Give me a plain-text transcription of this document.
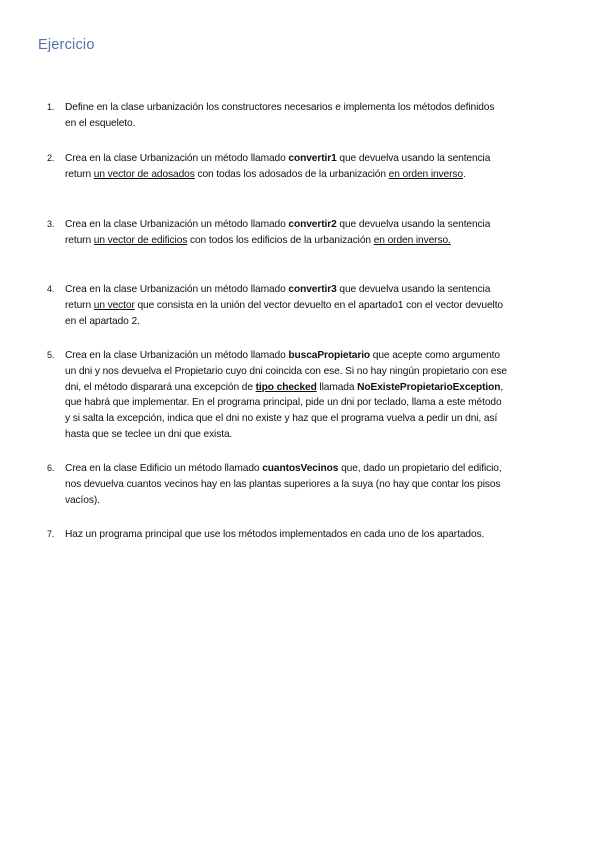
Ejercicio
1.	Define en la clase urbanización los constructores necesarios e implementa los métodos definidos en el esqueleto.
2.	Crea en la clase Urbanización un método llamado convertir1 que devuelva usando la sentencia return un vector de adosados con todas los adosados de la urbanización en orden inverso.
3.	Crea en la clase Urbanización un método llamado convertir2 que devuelva usando la sentencia return un vector de edificios con todos los edificios de la urbanización en orden inverso.
4.	Crea en la clase Urbanización un método llamado convertir3 que devuelva usando la sentencia return un vector que consista en la unión del vector devuelto en el apartado1 con el vector devuelto en el apartado 2.
5.	Crea en la clase Urbanización un método llamado buscaPropietario que acepte como argumento un dni y nos devuelva el Propietario cuyo dni coincida con ese. Si no hay ningún propietario con ese dni, el método disparará una excepción de tipo checked llamada NoExistePropietarioException, que habrá que implementar. En el programa principal, pide un dni por teclado, llama a este método y si salta la excepción, indica que el dni no existe y haz que el programa vuelva a pedir un dni, así hasta que se teclee un dni que exista.
6.	Crea en la clase Edificio un método llamado cuantosVecinos que, dado un propietario del edificio, nos devuelva cuantos vecinos hay en las plantas superiores a la suya (no hay que contar los pisos vacíos).
7.	Haz un programa principal que use los métodos implementados en cada uno de los apartados.
